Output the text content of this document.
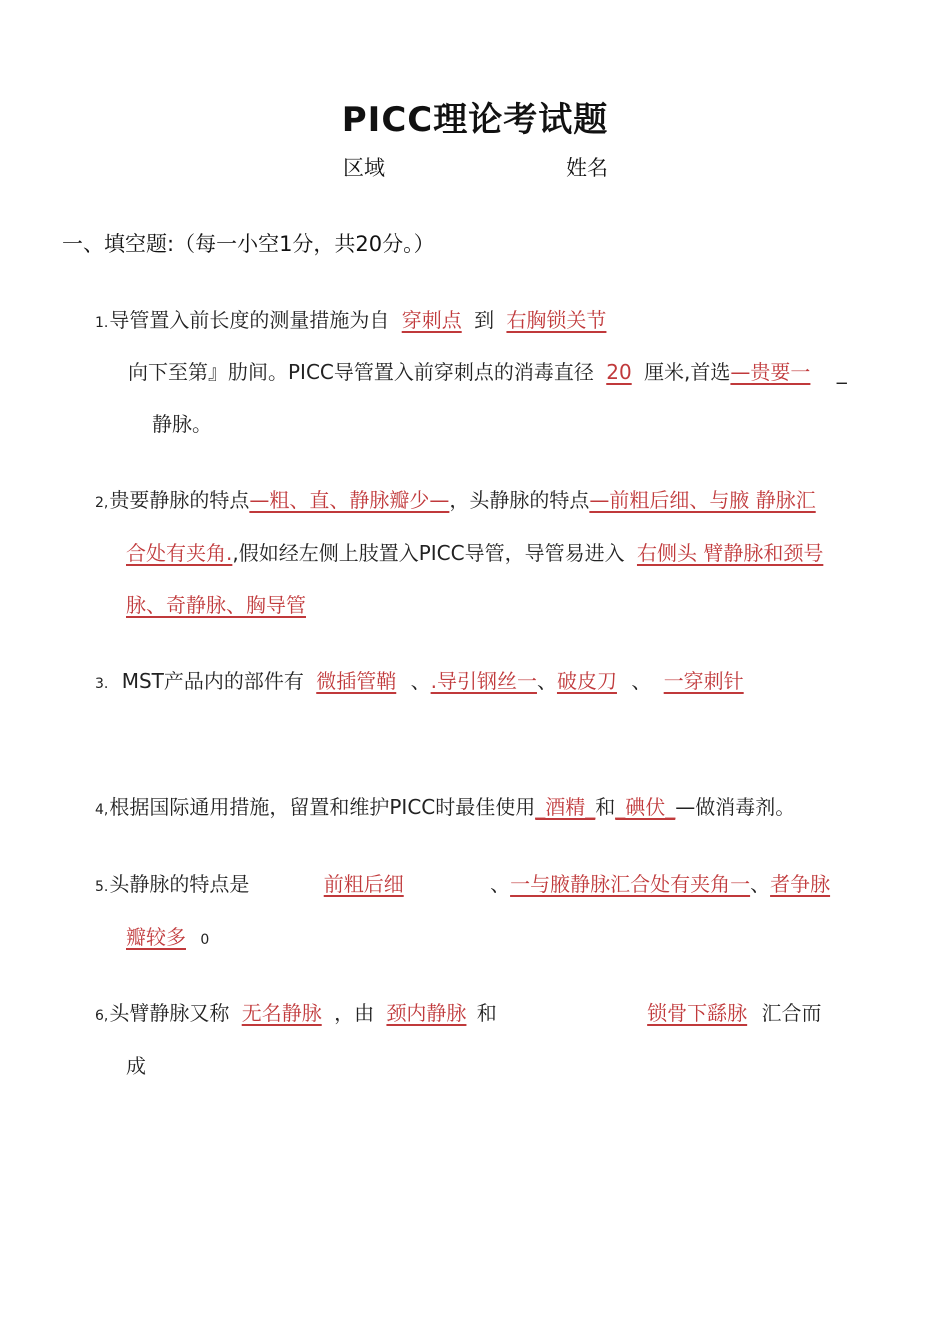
PICC理论考试题
区域	姓名
一、填空题:（每一小空1分，共20分。）
1.导管置入前长度的测量措施为自 穿刺点 到 右胸锁关节
向下至第』肋间。PICC导管置入前穿刺点的消毒直径 20 厘米,首选—贵要一 _
静脉。
2,贵要静脉的特点—粗、直、静脉瓣少—，头静脉的特点—前粗后细、与腋 静脉汇
合处有夹角.,假如经左侧上肢置入PICC导管，导管易进入 右侧头 臂静脉和颈号
脉、奇静脉、胸导管
3. MST产品内的部件有 微插管鞘 、.导引钢丝一、破皮刀 、 一穿刺针
4,根据国际通用措施，留置和维护PICC时最佳使用_酒精_和_碘伏_—做消毒剂。
5.头静脉的特点是	前粗后细	、一与腋静脉汇合处有夹角一、者争脉
瓣较多 0
6,头臂静脉又称 无名静脉 ，由 颈内静脉 和	锁骨下繇脉 汇合而
成
